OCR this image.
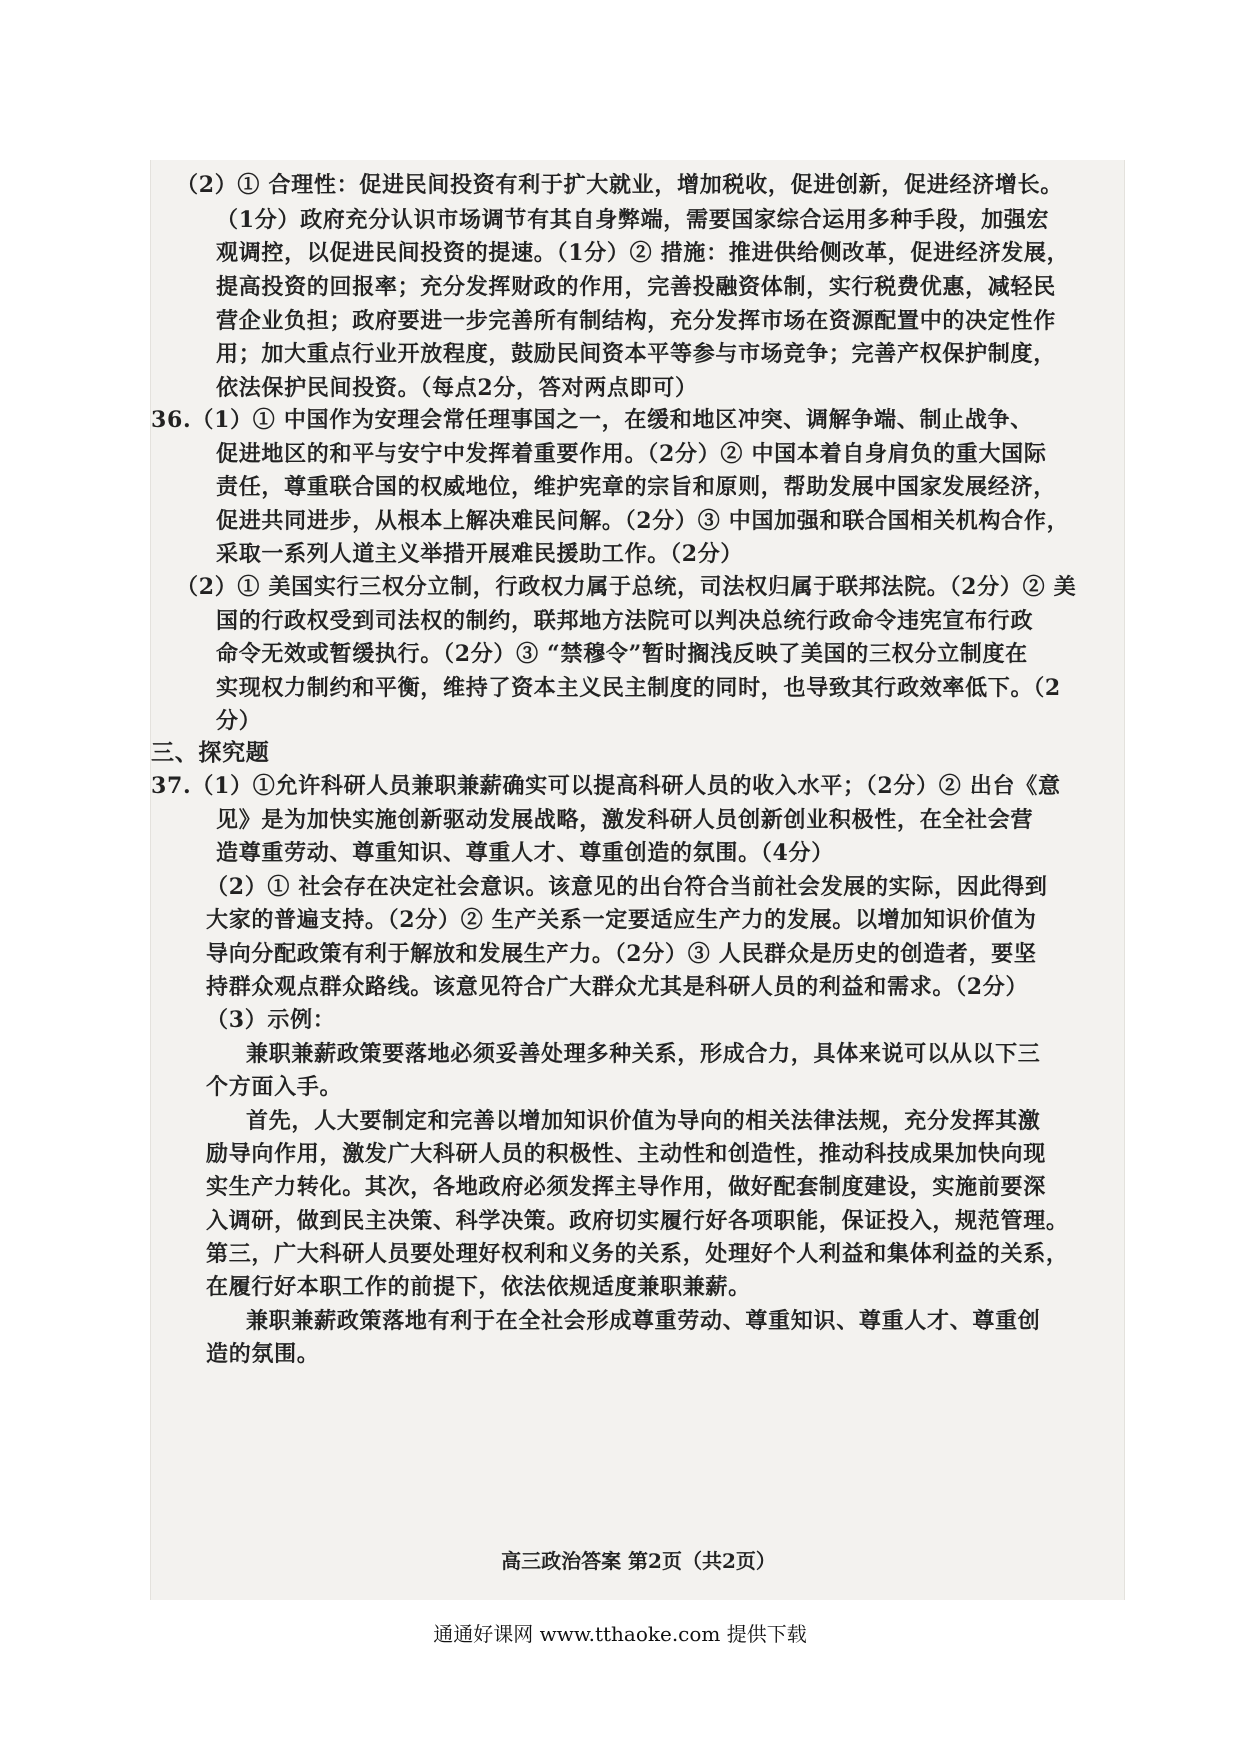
（2）① 合理性：促进民间投资有利于扩大就业，增加税收，促进创新，促进经济增长。
（1分）政府充分认识市场调节有其自身弊端，需要国家综合运用多种手段，加强宏
观调控，以促进民间投资的提速。（1分）② 措施：推进供给侧改革，促进经济发展，
提高投资的回报率；充分发挥财政的作用，完善投融资体制，实行税费优惠，减轻民
营企业负担；政府要进一步完善所有制结构，充分发挥市场在资源配置中的决定性作
用；加大重点行业开放程度，鼓励民间资本平等参与市场竞争；完善产权保护制度，
依法保护民间投资。（每点2分，答对两点即可）
36.（1）① 中国作为安理会常任理事国之一，在缓和地区冲突、调解争端、制止战争、
促进地区的和平与安宁中发挥着重要作用。（2分）② 中国本着自身肩负的重大国际
责任，尊重联合国的权威地位，维护宪章的宗旨和原则，帮助发展中国家发展经济，
促进共同进步，从根本上解决难民问解。（2分）③ 中国加强和联合国相关机构合作，
采取一系列人道主义举措开展难民援助工作。（2分）
（2）① 美国实行三权分立制，行政权力属于总统，司法权归属于联邦法院。（2分）② 美
国的行政权受到司法权的制约，联邦地方法院可以判决总统行政命令违宪宣布行政
命令无效或暂缓执行。（2分）③ “禁穆令”暂时搁浅反映了美国的三权分立制度在
实现权力制约和平衡，维持了资本主义民主制度的同时，也导致其行政效率低下。（2
分）
三、探究题
37.（1）①允许科研人员兼职兼薪确实可以提高科研人员的收入水平；（2分）② 出台《意
见》是为加快实施创新驱动发展战略，激发科研人员创新创业积极性，在全社会营
造尊重劳动、尊重知识、尊重人才、尊重创造的氛围。（4分）
（2）① 社会存在决定社会意识。该意见的出台符合当前社会发展的实际，因此得到
大家的普遍支持。（2分）② 生产关系一定要适应生产力的发展。以增加知识价值为
导向分配政策有利于解放和发展生产力。（2分）③ 人民群众是历史的创造者，要坚
持群众观点群众路线。该意见符合广大群众尤其是科研人员的利益和需求。（2分）
（3）示例：
兼职兼薪政策要落地必须妥善处理多种关系，形成合力，具体来说可以从以下三
个方面入手。
首先，人大要制定和完善以增加知识价值为导向的相关法律法规，充分发挥其激
励导向作用，激发广大科研人员的积极性、主动性和创造性，推动科技成果加快向现
实生产力转化。其次，各地政府必须发挥主导作用，做好配套制度建设，实施前要深
入调研，做到民主决策、科学决策。政府切实履行好各项职能，保证投入，规范管理。
第三，广大科研人员要处理好权利和义务的关系，处理好个人利益和集体利益的关系，
在履行好本职工作的前提下，依法依规适度兼职兼薪。
兼职兼薪政策落地有利于在全社会形成尊重劳动、尊重知识、尊重人才、尊重创
造的氛围。
高三政治答案 第2页（共2页）
通通好课网 www.tthaoke.com 提供下载
